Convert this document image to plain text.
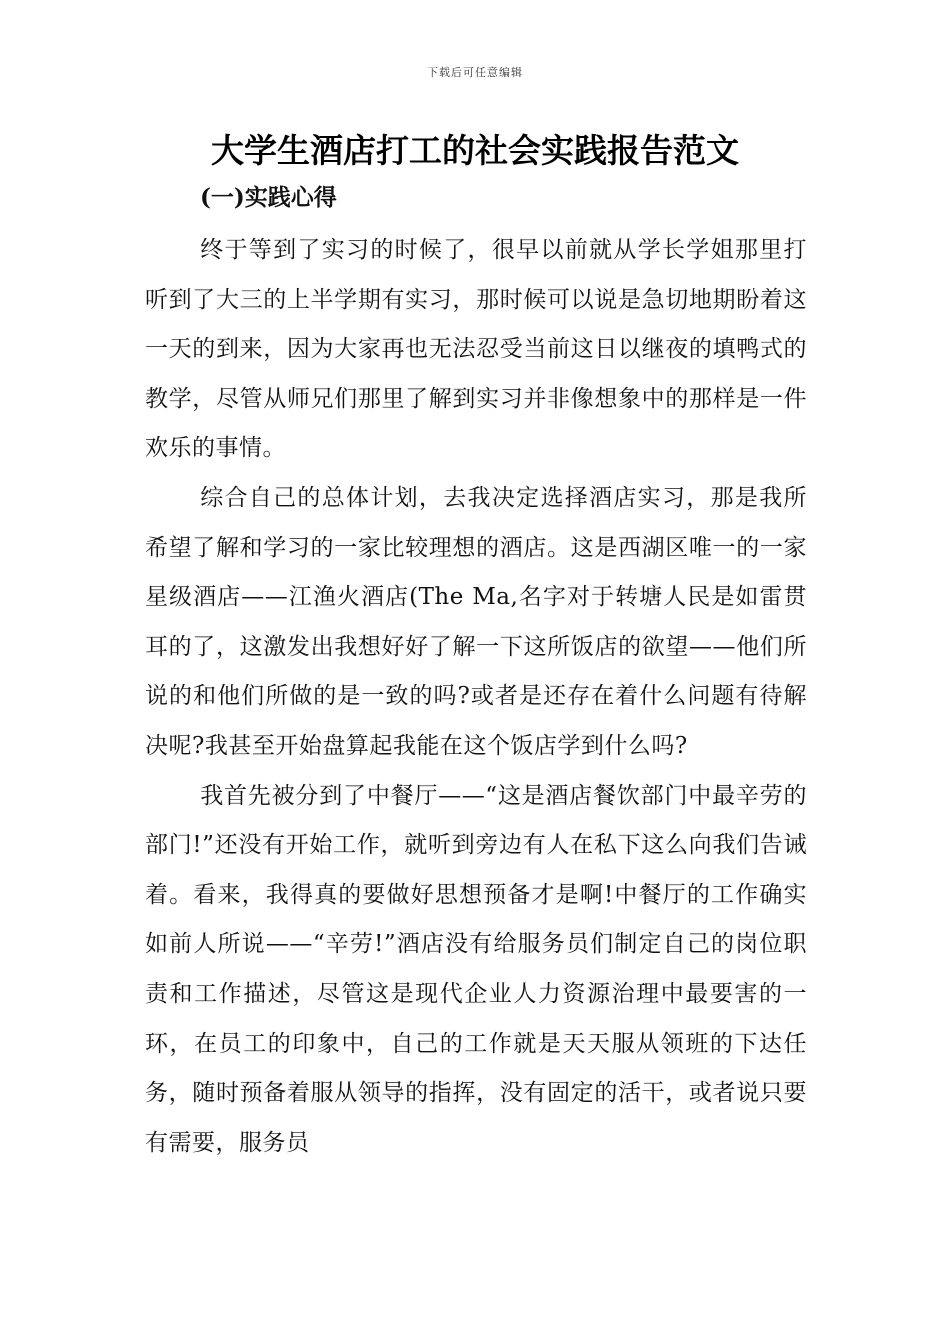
下载后可任意编辑
大学生酒店打工的社会实践报告范文
(一)实践心得

终于等到了实习的时候了，很早以前就从学长学姐那里打听到了大三的上半学期有实习，那时候可以说是急切地期盼着这一天的到来，因为大家再也无法忍受当前这日以继夜的填鸭式的教学，尽管从师兄们那里了解到实习并非像想象中的那样是一件欢乐的事情。

综合自己的总体计划，去我决定选择酒店实习，那是我所希望了解和学习的一家比较理想的酒店。这是西湖区唯一的一家星级酒店——江渔火酒店(The Ma,名字对于转塘人民是如雷贯耳的了，这激发出我想好好了解一下这所饭店的欲望——他们所说的和他们所做的是一致的吗?或者是还存在着什么问题有待解决呢?我甚至开始盘算起我能在这个饭店学到什么吗?

我首先被分到了中餐厅——“这是酒店餐饮部门中最辛劳的部门!”还没有开始工作，就听到旁边有人在私下这么向我们告诫着。看来，我得真的要做好思想预备才是啊!中餐厅的工作确实如前人所说——“辛劳!”酒店没有给服务员们制定自己的岗位职责和工作描述，尽管这是现代企业人力资源治理中最要害的一环，在员工的印象中，自己的工作就是天天服从领班的下达任务，随时预备着服从领导的指挥，没有固定的活干，或者说只要有需要，服务员
